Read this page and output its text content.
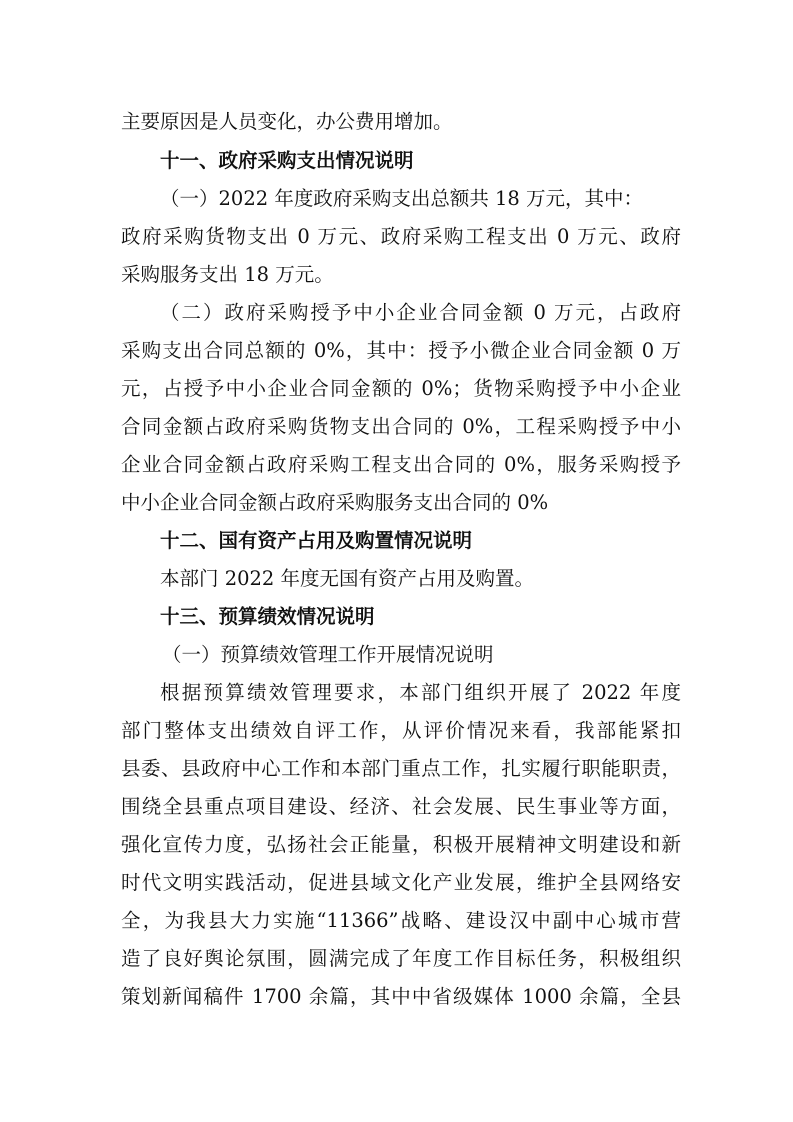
主要原因是人员变化，办公费用增加。
十一、政府采购支出情况说明
（一）2022 年度政府采购支出总额共 18 万元，其中：
政府采购货物支出 0 万元、政府采购工程支出 0 万元、政府
采购服务支出 18 万元。
（二）政府采购授予中小企业合同金额 0 万元，占政府
采购支出合同总额的 0%，其中：授予小微企业合同金额 0 万
元，占授予中小企业合同金额的 0%；货物采购授予中小企业
合同金额占政府采购货物支出合同的 0%，工程采购授予中小
企业合同金额占政府采购工程支出合同的 0%，服务采购授予
中小企业合同金额占政府采购服务支出合同的 0%
十二、国有资产占用及购置情况说明
本部门 2022 年度无国有资产占用及购置。
十三、预算绩效情况说明
（一）预算绩效管理工作开展情况说明
根据预算绩效管理要求，本部门组织开展了 2022 年度
部门整体支出绩效自评工作，从评价情况来看，我部能紧扣
县委、县政府中心工作和本部门重点工作，扎实履行职能职责，
围绕全县重点项目建设、经济、社会发展、民生事业等方面，
强化宣传力度，弘扬社会正能量，积极开展精神文明建设和新
时代文明实践活动，促进县域文化产业发展，维护全县网络安
全，为我县大力实施“11366”战略、建设汉中副中心城市营
造了良好舆论氛围，圆满完成了年度工作目标任务，积极组织
策划新闻稿件 1700 余篇，其中中省级媒体 1000 余篇，全县
